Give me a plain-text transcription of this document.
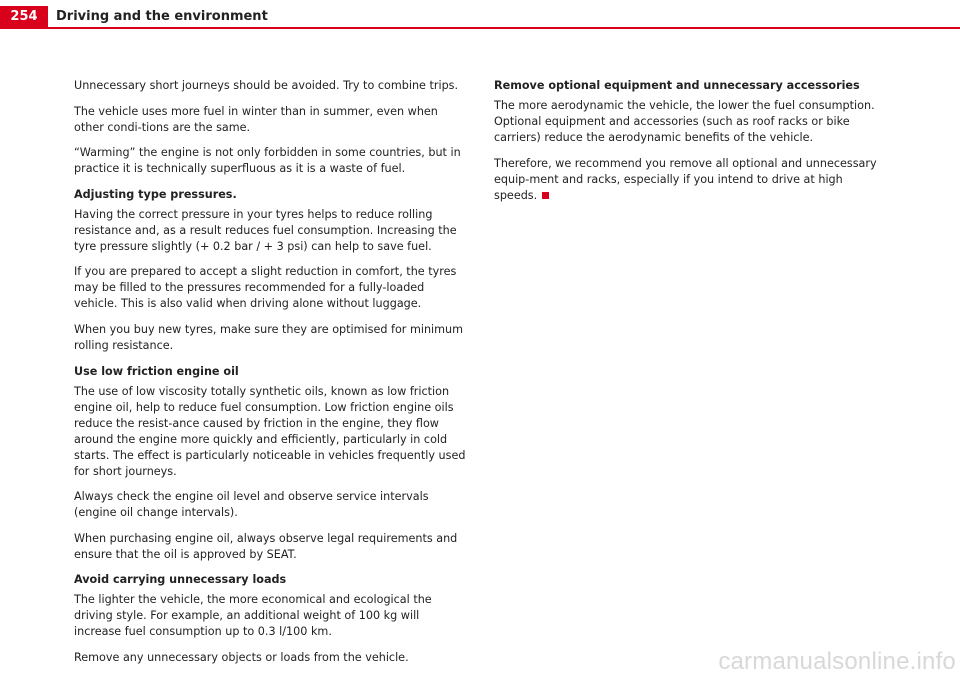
254	Driving and the environment

Unnecessary short journeys should be avoided. Try to combine trips.

The vehicle uses more fuel in winter than in summer, even when other condi-tions are the same.

“Warming” the engine is not only forbidden in some countries, but in practice it is technically superfluous as it is a waste of fuel.

Adjusting type pressures.

Having the correct pressure in your tyres helps to reduce rolling resistance and, as a result reduces fuel consumption. Increasing the tyre pressure slightly (+ 0.2 bar / + 3 psi) can help to save fuel.

If you are prepared to accept a slight reduction in comfort, the tyres may be filled to the pressures recommended for a fully-loaded vehicle. This is also valid when driving alone without luggage.

When you buy new tyres, make sure they are optimised for minimum rolling resistance.

Use low friction engine oil

The use of low viscosity totally synthetic oils, known as low friction engine oil, help to reduce fuel consumption. Low friction engine oils reduce the resist-ance caused by friction in the engine, they flow around the engine more quickly and efficiently, particularly in cold starts. The effect is particularly noticeable in vehicles frequently used for short journeys.

Always check the engine oil level and observe service intervals (engine oil change intervals).

When purchasing engine oil, always observe legal requirements and ensure that the oil is approved by SEAT.

Avoid carrying unnecessary loads

The lighter the vehicle, the more economical and ecological the driving style. For example, an additional weight of 100 kg will increase fuel consumption up to 0.3 l/100 km.

Remove any unnecessary objects or loads from the vehicle.

Remove optional equipment and unnecessary accessories

The more aerodynamic the vehicle, the lower the fuel consumption. Optional equipment and accessories (such as roof racks or bike carriers) reduce the aerodynamic benefits of the vehicle.

Therefore, we recommend you remove all optional and unnecessary equip-ment and racks, especially if you intend to drive at high speeds.

carmanualsonline.info
